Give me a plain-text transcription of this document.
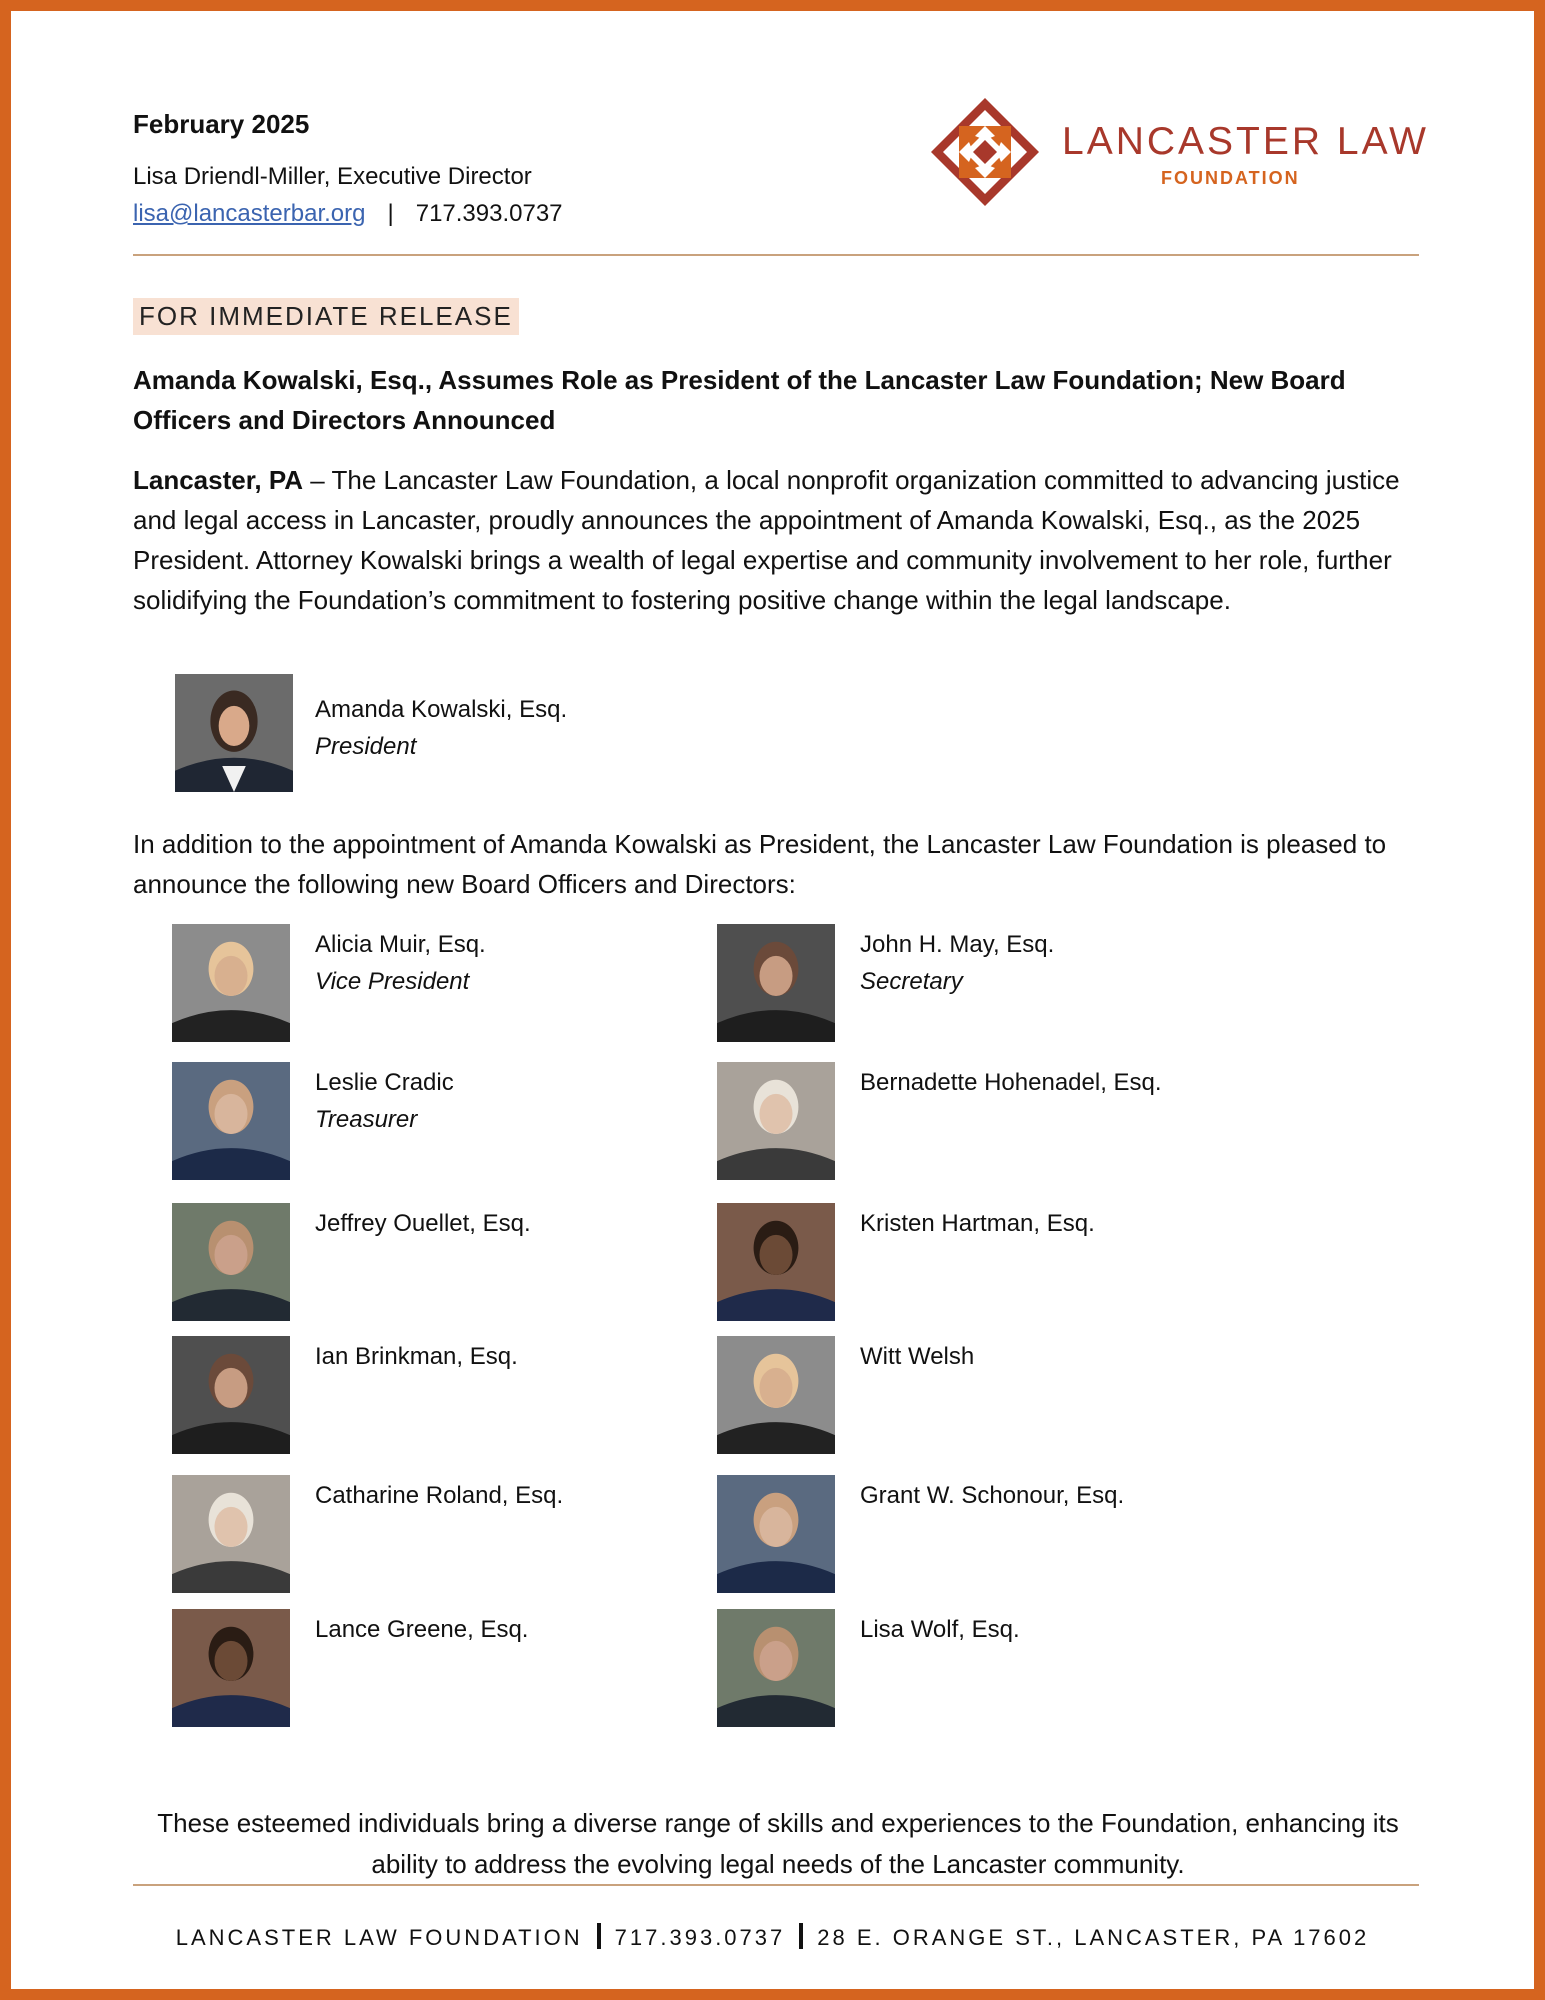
February 2025
Lisa Driendl-Miller, Executive Director
lisa@lancasterbar.org | 717.393.0737
LANCASTER LAW
FOUNDATION
FOR IMMEDIATE RELEASE
Amanda Kowalski, Esq., Assumes Role as President of the Lancaster Law Foundation; New Board Officers and Directors Announced
Lancaster, PA – The Lancaster Law Foundation, a local nonprofit organization committed to advancing justice and legal access in Lancaster, proudly announces the appointment of Amanda Kowalski, Esq., as the 2025 President. Attorney Kowalski brings a wealth of legal expertise and community involvement to her role, further solidifying the Foundation’s commitment to fostering positive change within the legal landscape.
Amanda Kowalski, Esq.
President
In addition to the appointment of Amanda Kowalski as President, the Lancaster Law Foundation is pleased to announce the following new Board Officers and Directors:
Alicia Muir, Esq.
Vice President
Leslie Cradic
Treasurer
Jeffrey Ouellet, Esq.
Ian Brinkman, Esq.
Catharine Roland, Esq.
Lance Greene, Esq.
John H. May, Esq.
Secretary
Bernadette Hohenadel, Esq.
Kristen Hartman, Esq.
Witt Welsh
Grant W. Schonour, Esq.
Lisa Wolf, Esq.
These esteemed individuals bring a diverse range of skills and experiences to the Foundation, enhancing its ability to address the evolving legal needs of the Lancaster community.
LANCASTER LAW FOUNDATION 717.393.0737 28 E. ORANGE ST., LANCASTER, PA 17602
